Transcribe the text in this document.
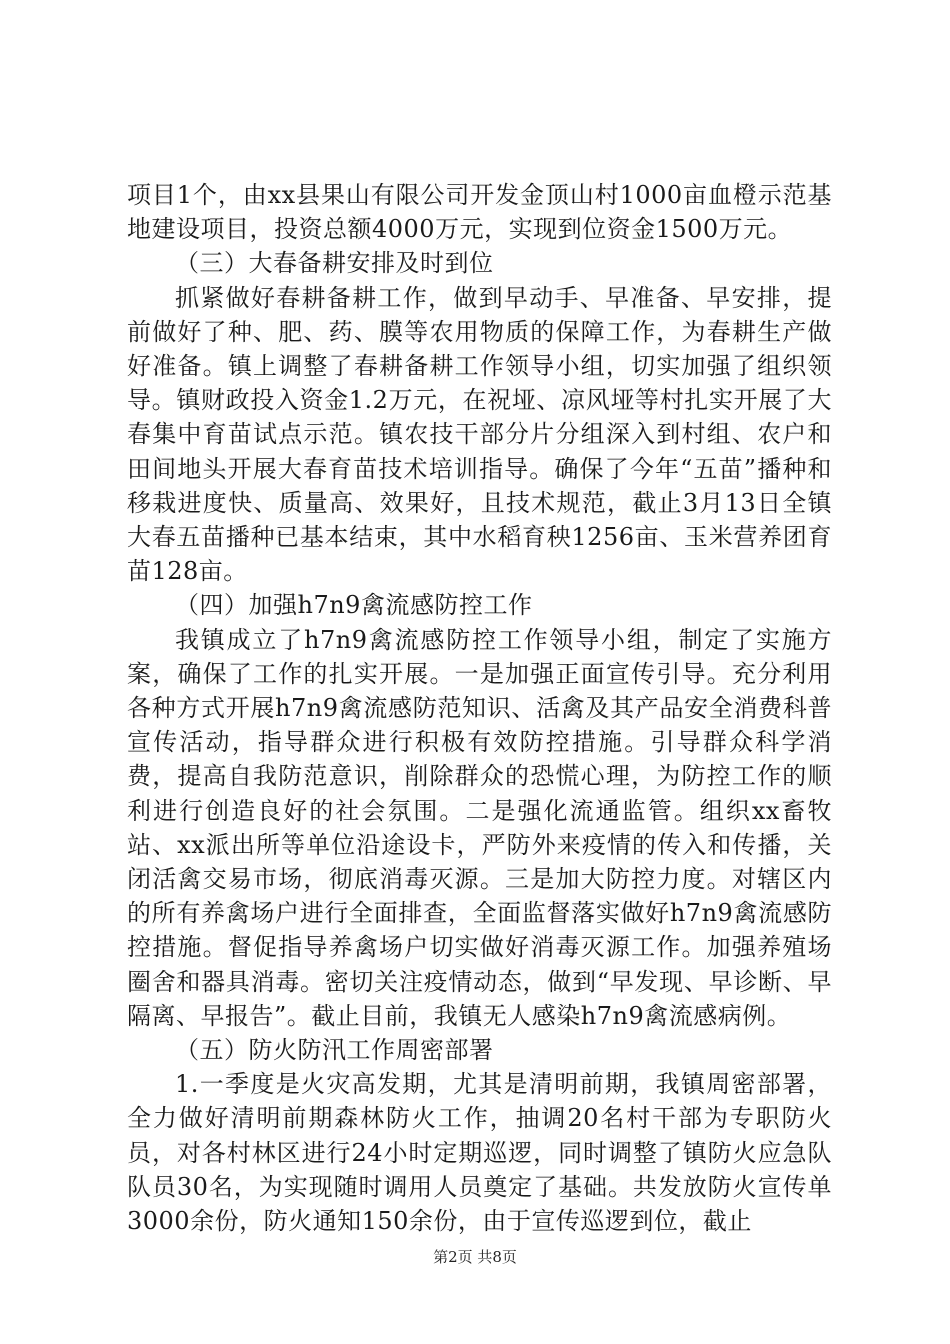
项目1个，由xx县果山有限公司开发金顶山村1000亩血橙示范基地建设项目，投资总额4000万元，实现到位资金1500万元。

（三）大春备耕安排及时到位

抓紧做好春耕备耕工作，做到早动手、早准备、早安排，提前做好了种、肥、药、膜等农用物质的保障工作，为春耕生产做好准备。镇上调整了春耕备耕工作领导小组，切实加强了组织领导。镇财政投入资金1.2万元，在祝垭、凉风垭等村扎实开展了大春集中育苗试点示范。镇农技干部分片分组深入到村组、农户和田间地头开展大春育苗技术培训指导。确保了今年“五苗”播种和移栽进度快、质量高、效果好，且技术规范，截止3月13日全镇大春五苗播种已基本结束，其中水稻育秧1256亩、玉米营养团育苗128亩。

（四）加强h7n9禽流感防控工作

我镇成立了h7n9禽流感防控工作领导小组，制定了实施方案，确保了工作的扎实开展。一是加强正面宣传引导。充分利用各种方式开展h7n9禽流感防范知识、活禽及其产品安全消费科普宣传活动，指导群众进行积极有效防控措施。引导群众科学消费，提高自我防范意识，削除群众的恐慌心理，为防控工作的顺利进行创造良好的社会氛围。二是强化流通监管。组织xx畜牧站、xx派出所等单位沿途设卡，严防外来疫情的传入和传播，关闭活禽交易市场，彻底消毒灭源。三是加大防控力度。对辖区内的所有养禽场户进行全面排查，全面监督落实做好h7n9禽流感防控措施。督促指导养禽场户切实做好消毒灭源工作。加强养殖场圈舍和器具消毒。密切关注疫情动态，做到“早发现、早诊断、早隔离、早报告”。截止目前，我镇无人感染h7n9禽流感病例。

（五）防火防汛工作周密部署

1.一季度是火灾高发期，尤其是清明前期，我镇周密部署，全力做好清明前期森林防火工作，抽调20名村干部为专职防火员，对各村林区进行24小时定期巡逻，同时调整了镇防火应急队队员30名，为实现随时调用人员奠定了基础。共发放防火宣传单3000余份，防火通知150余份，由于宣传巡逻到位，截止

第2页 共8页
